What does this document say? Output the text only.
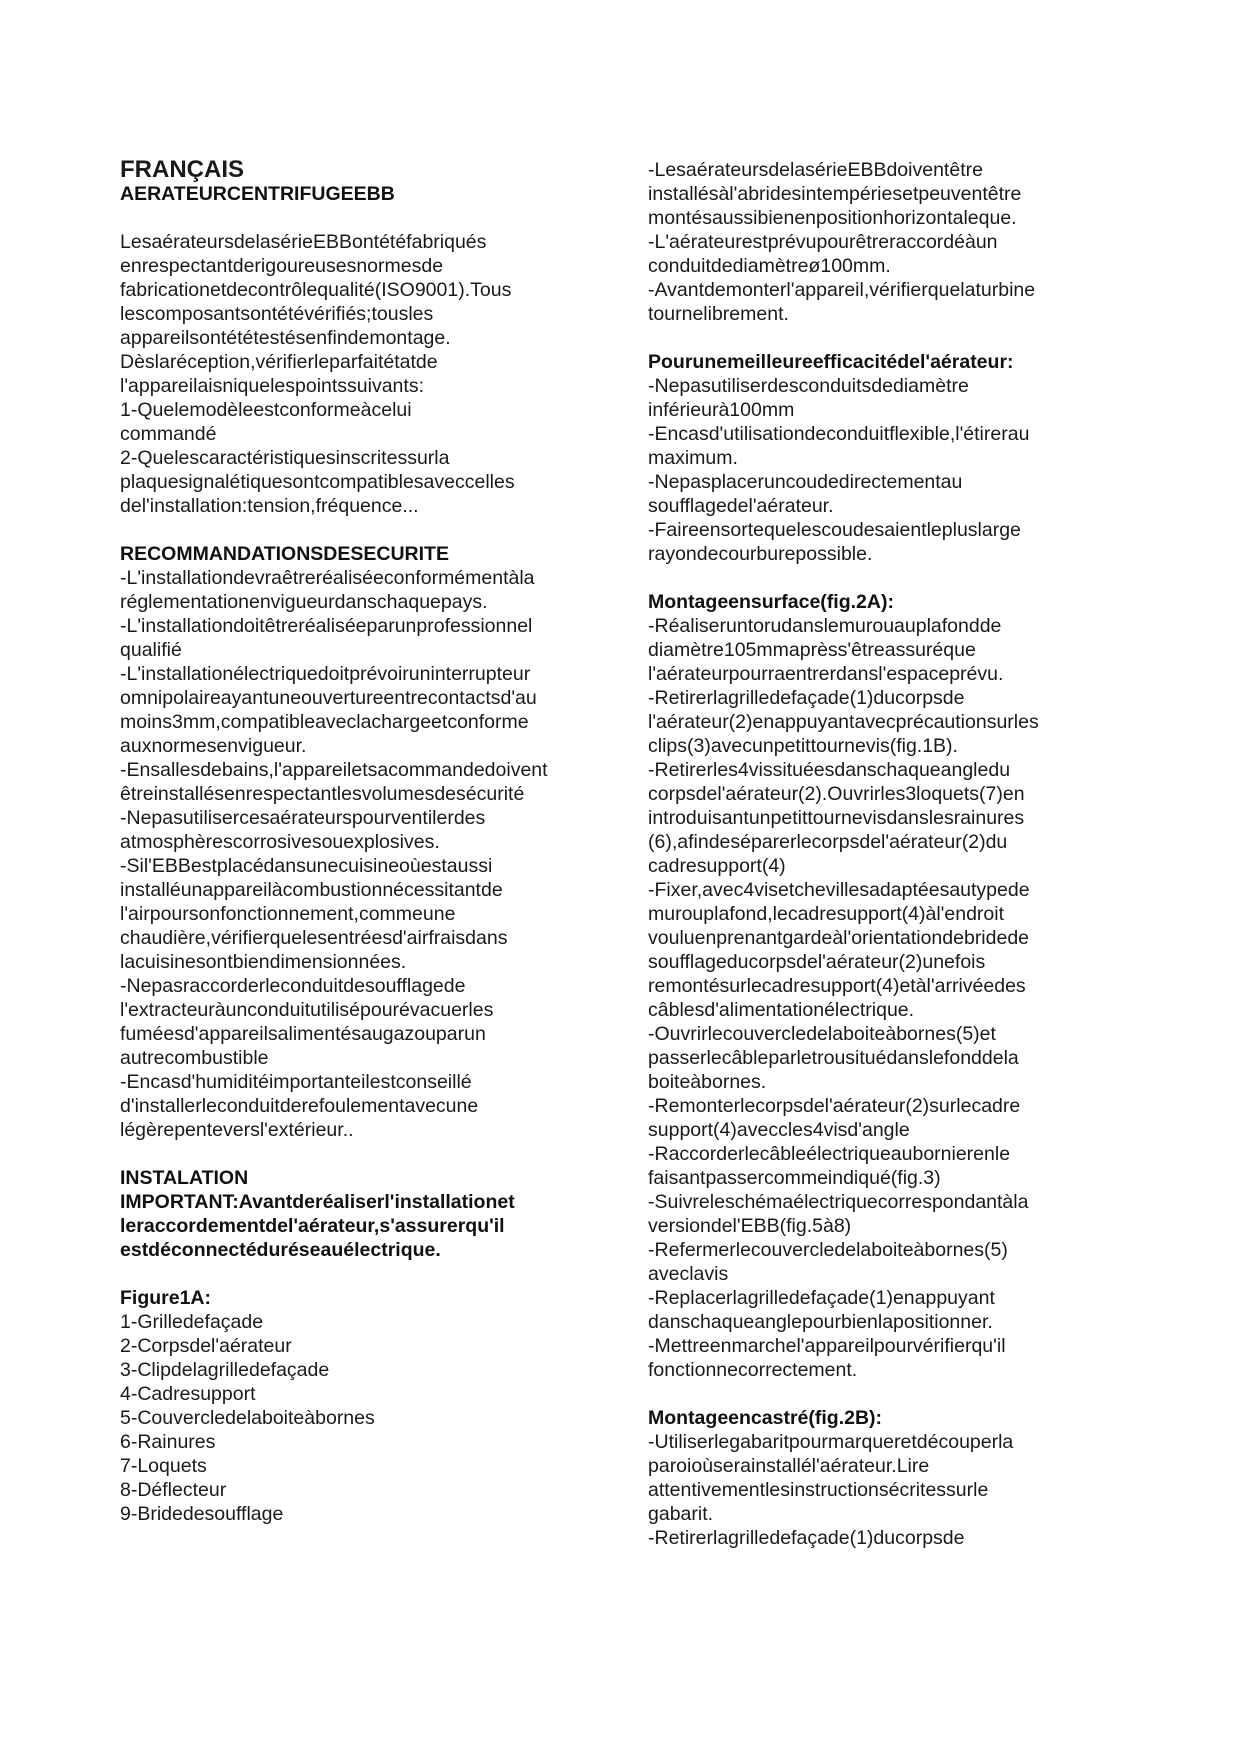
FRANÇAIS
AERATEURCENTRIFUGEEBB
LesaérateursdelasérieEBBontétéfabriqués
enrespectantderigoureusesnormesde
fabricationetdecontrôlequalité(ISO9001).Tous
lescomposantsontétévérifiés;tousles
appareilsontététestésenfindemontage.
Dèslaréception,vérifierleparfaitétatde
l'appareilaisniquelespointssuivants:
1-Quelemodèleestconformeàcelui
commandé
2-Quelescaractéristiquesinscritessurla
plaquesignalétiquesontcompatiblesaveccelles
del'installation:tension,fréquence...
RECOMMANDATIONSDESECURITE
-L'installationdevraêtreréaliséeconformémentàla
réglementationenvigueurdanschaquepays.
-L'installationdoitêtreréaliséeparunprofessionnel
qualifié
-L'installationélectriquedoitprévoiruninterrupteur
omnipolaireayantuneouvertureentrecontactsd'au
moins3mm,compatibleaveclachargeetconforme
auxnormesenvigueur.
-Ensallesdebains,l'appareiletsacommandedoivent
êtreinstallésenrespectantlesvolumesdesécurité
-Nepasutilisercesaérateurspourventilerdes
atmosphèrescorrosivesouexplosives.
-Sil'EBBestplacédansunecuisineoùestaussi
installéunappareilàcombustionnécessitantde
l'airpoursonfonctionnement,commeune
chaudière,vérifierquelesentréesd'airfraisdans
lacuisinesontbiendimensionnées.
-Nepasraccorderleconduitdesoufflagede
l'extracteuràunconduitutilisépourévacuerles
fuméesd'appareilsalimentésaugazouparun
autrecombustible
-Encasd'humiditéimportanteilestconseillé
d'installerleconduitderefoulementavecune
légèrepenteversl'extérieur..
INSTALATION
IMPORTANT:Avantderéaliserl'installationet
leraccordementdel'aérateur,s'assurerqu'il
estdéconnectéduréseauélectrique.
Figure1A:
1-Grilledefaçade
2-Corpsdel'aérateur
3-Clipdelagrilledefaçade
4-Cadresupport
5-Couvercledelaboiteàbornes
6-Rainures
7-Loquets
8-Déflecteur
9-Bridedesoufflage
-LesaérateursdelasérieEBBdoiventêtre
installésàl'abridesintempériesetpeuventêtre
montésaussibienenpositionhorizontaleque.
-L'aérateurestprévupourêtreraccordéàun
conduitdediamètreø100mm.
-Avantdemonterl'appareil,vérifierquelaturbine
tournelibrement.
Pourunemeilleureefficacitédel'aérateur:
-Nepasutiliserdesconduitsdediamètre
inférieurà100mm
-Encasd'utilisationdeconduitflexible,l'étirerau
maximum.
-Nepasplaceruncoudedirectementau
soufflagedel'aérateur.
-Faireensortequelescoudesaientlepluslarge
rayondecourburepossible.
Montageensurface(fig.2A):
-Réaliseruntorudanslemurouauplafondde
diamètre105mmaprèss'êtreassuréque
l'aérateurpourraentrerdansl'espaceprévu.
-Retirerlagrilledefaçade(1)ducorpsde
l'aérateur(2)enappuyantavecprécautionsurles
clips(3)avecunpetittournevis(fig.1B).
-Retirerles4vissituéesdanschaqueangledu
corpsdel'aérateur(2).Ouvrirles3loquets(7)en
introduisantunpetittournevisdanslesrainures
(6),afindeséparerlecorpsdel'aérateur(2)du
cadresupport(4)
-Fixer,avec4visetchevillesadaptéesautypede
murouplafond,lecadresupport(4)àl'endroit
vouluenprenantgardeàl'orientationdebridede
soufflageducorpsdel'aérateur(2)unefois
remontésurlecadresupport(4)etàl'arrivéedes
câblesd'alimentationélectrique.
-Ouvrirlecouvercledelaboiteàbornes(5)et
passerlecâbleparletrousituédanslefonddela
boiteàbornes.
-Remonterlecorpsdel'aérateur(2)surlecadre
support(4)aveccles4visd'angle
-Raccorderlecâbleélectriqueaubornierenle
faisantpassercommeindiqué(fig.3)
-Suivreleschémaélectriquecorrespondantàla
versiondel'EBB(fig.5à8)
-Refermerlecouvercledelaboiteàbornes(5)
aveclavis
-Replacerlagrilledefaçade(1)enappuyant
danschaqueanglepourbienlapositionner.
-Mettreenmarchel'appareilpourvérifierqu'il
fonctionnecorrectement.
Montageencastré(fig.2B):
-Utiliserlegabaritpourmarqueretdécouperla
paroioùserainstallél'aérateur.Lire
attentivementlesinstructionsécritessurle
gabarit.
-Retirerlagrilledefaçade(1)ducorpsde
